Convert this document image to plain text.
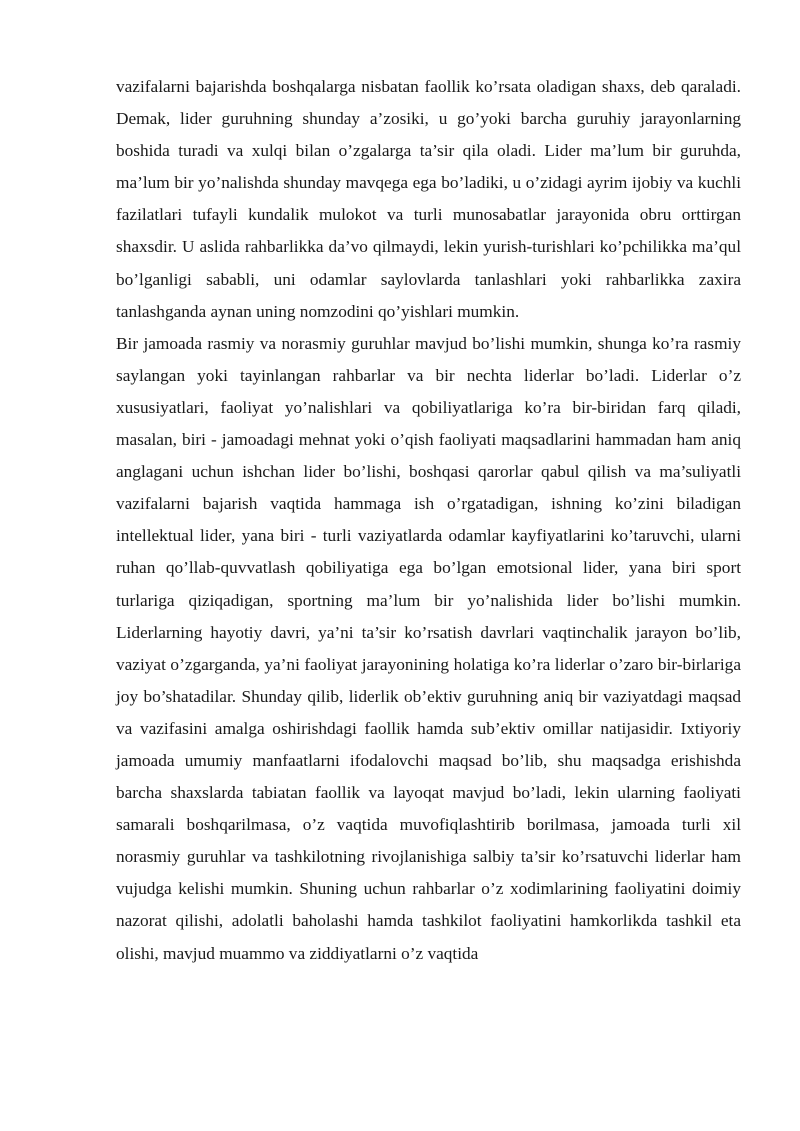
vazifalarni bajarishda boshqalarga nisbatan faollik ko’rsata oladigan shaxs, deb qaraladi. Demak, lider guruhning shunday a’zosiki, u go’yoki barcha guruhiy jarayonlarning boshida turadi va xulqi bilan o’zgalarga ta’sir qila oladi. Lider ma’lum bir guruhda, ma’lum bir yo’nalishda shunday mavqega ega bo’ladiki, u o’zidagi ayrim ijobiy va kuchli fazilatlari tufayli kundalik mulokot va turli munosabatlar jarayonida obru orttirgan shaxsdir. U aslida rahbarlikka da’vo qilmaydi, lekin yurish-turishlari ko’pchilikka ma’qul bo’lganligi sababli, uni odamlar saylovlarda tanlashlari yoki rahbarlikka zaxira tanlashganda aynan uning nomzodini qo’yishlari mumkin.

Bir jamoada rasmiy va norasmiy guruhlar mavjud bo’lishi mumkin, shunga ko’ra rasmiy saylangan yoki tayinlangan rahbarlar va bir nechta liderlar bo’ladi. Liderlar o’z xususiyatlari, faoliyat yo’nalishlari va qobiliyatlariga ko’ra bir-biridan farq qiladi, masalan, biri - jamoadagi mehnat yoki o’qish faoliyati maqsadlarini hammadan ham aniq anglagani uchun ishchan lider bo’lishi, boshqasi qarorlar qabul qilish va ma’suliyatli vazifalarni bajarish vaqtida hammaga ish o’rgatadigan, ishning ko’zini biladigan intellektual lider, yana biri - turli vaziyatlarda odamlar kayfiyatlarini ko’taruvchi, ularni ruhan qo’llab-quvvatlash qobiliyatiga ega bo’lgan emotsional lider, yana biri sport turlariga qiziqadigan, sportning ma’lum bir yo’nalishida lider bo’lishi mumkin. Liderlarning hayotiy davri, ya’ni ta’sir ko’rsatish davrlari vaqtinchalik jarayon bo’lib, vaziyat o’zgarganda, ya’ni faoliyat jarayonining holatiga ko’ra liderlar o’zaro bir-birlariga joy bo’shatadilar. Shunday qilib, liderlik ob’ektiv guruhning aniq bir vaziyatdagi maqsad va vazifasini amalga oshirishdagi faollik hamda sub’ektiv omillar natijasidir. Ixtiyoriy jamoada umumiy manfaatlarni ifodalovchi maqsad bo’lib, shu maqsadga erishishda barcha shaxslarda tabiatan faollik va layoqat mavjud bo’ladi, lekin ularning faoliyati samarali boshqarilmasa, o’z vaqtida muvofiqlashtirib borilmasa, jamoada turli xil norasmiy guruhlar va tashkilotning rivojlanishiga salbiy ta’sir ko’rsatuvchi liderlar ham vujudga kelishi mumkin. Shuning uchun rahbarlar o’z xodimlarining faoliyatini doimiy nazorat qilishi, adolatli baholashi hamda tashkilot faoliyatini hamkorlikda tashkil eta olishi, mavjud muammo va ziddiyatlarni o’z vaqtida
